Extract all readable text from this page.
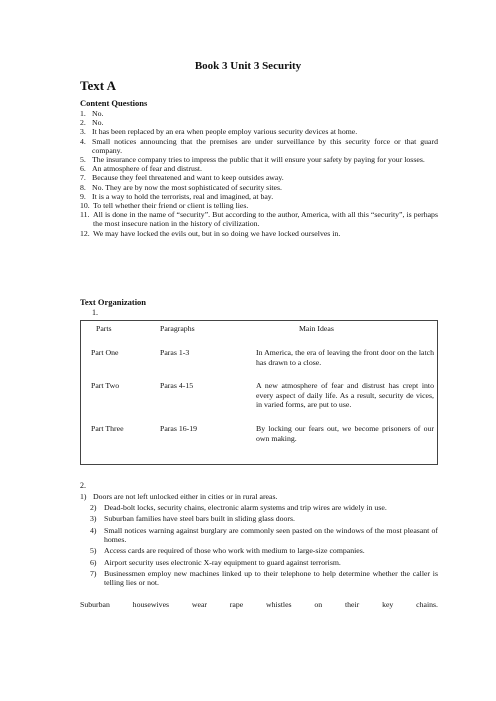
Book 3 Unit 3 Security
Text A
Content Questions
1. No.
2. No.
3. It has been replaced by an era when people employ various security devices at home.
4. Small notices announcing that the premises are under surveillance by this security force or that guard company.
5. The insurance company tries to impress the public that it will ensure your safety by paying for your losses.
6. An atmosphere of fear and distrust.
7. Because they feel threatened and want to keep outsides away.
8. No. They are by now the most sophisticated of security sites.
9. It is a way to hold the terrorists, real and imagined, at bay.
10. To tell whether their friend or client is telling lies.
11. All is done in the name of “security”. But according to the author, America, with all this “security”, is perhaps the most insecure nation in the history of civilization.
12. We may have locked the evils out, but in so doing we have locked ourselves in.
Text Organization
1.
Parts	Paragraphs	Main Ideas
Part One	Paras 1-3	In America, the era of leaving the front door on the latch has drawn to a close.
Part Two	Paras 4-15	A new atmosphere of fear and distrust has crept into every aspect of daily life. As a result, security de vices, in varied forms, are put to use.
Part Three	Paras 16-19	By locking our fears out, we become prisoners of our own making.
2.
1) Doors are not left unlocked either in cities or in rural areas.
2) Dead-bolt locks, security chains, electronic alarm systems and trip wires are widely in use.
3) Suburban families have steel bars built in sliding glass doors.
4) Small notices warning against burglary are commonly seen pasted on the windows of the most pleasant of homes.
5) Access cards are required of those who work with medium to large-size companies.
6) Airport security uses electronic X-ray equipment to guard against terrorism.
7) Businessmen employ new machines linked up to their telephone to help determine whether the caller is telling lies or not.
Suburban housewives wear rape whistles on their key chains.
